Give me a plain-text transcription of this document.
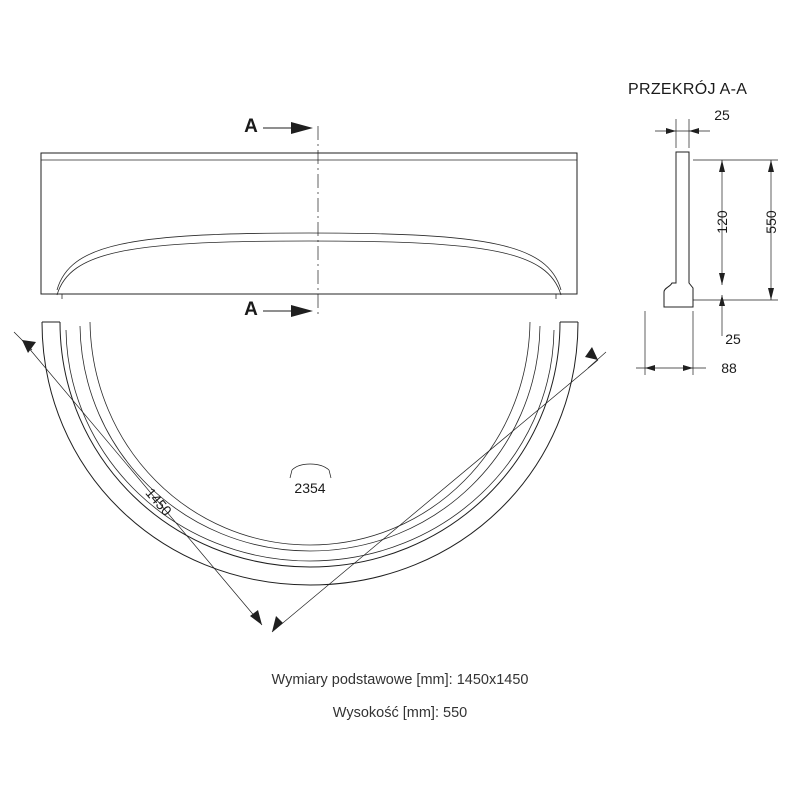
A
A
1450	2354
PRZEKRÓJ A-A
25
120 550
25
88
Wymiary podstawowe [mm]: 1450x1450
Wysokość [mm]: 550
